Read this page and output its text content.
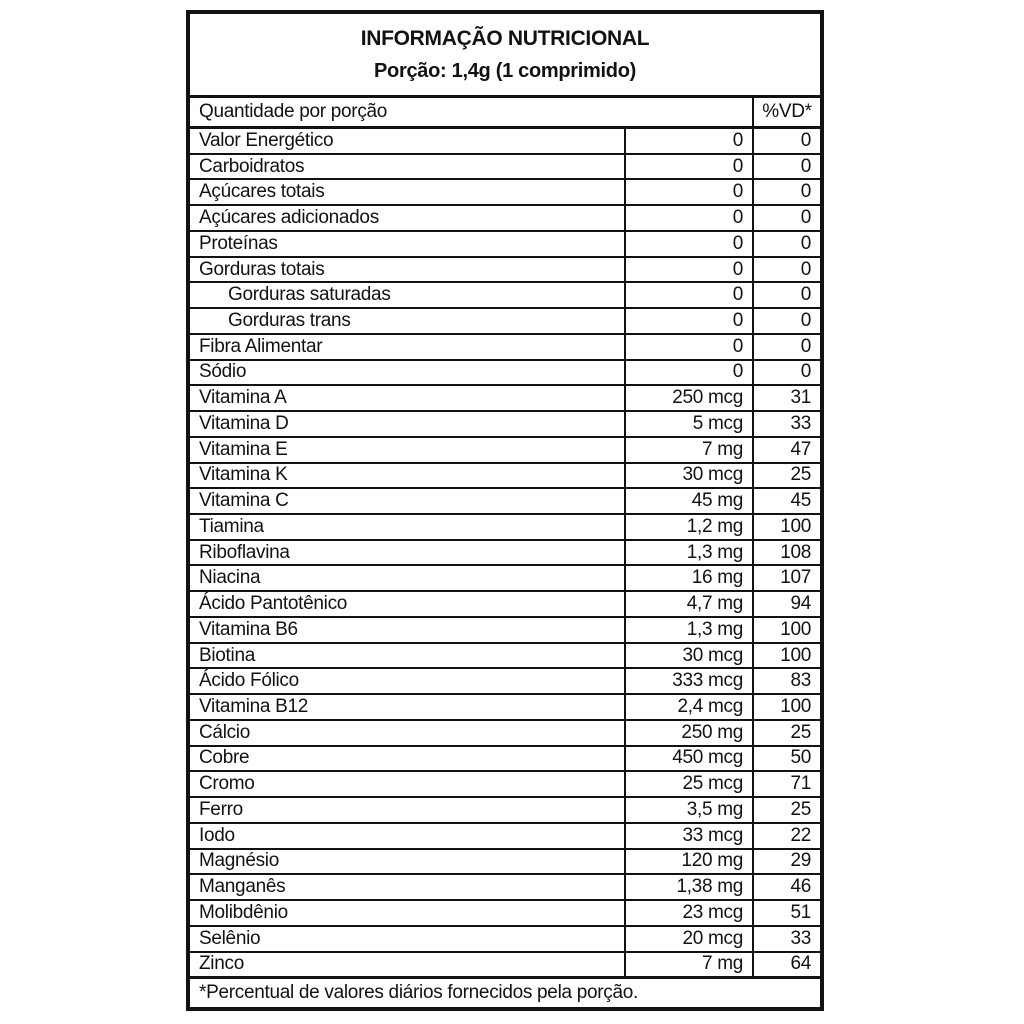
INFORMAÇÃO NUTRICIONAL
Porção: 1,4g (1 comprimido)
Quantidade por porção	%VD*
Valor Energético	0	0
Carboidratos	0	0
Açúcares totais	0	0
Açúcares adicionados	0	0
Proteínas	0	0
Gorduras totais	0	0
Gorduras saturadas	0	0
Gorduras trans	0	0
Fibra Alimentar	0	0
Sódio	0	0
Vitamina A	250 mcg	31
Vitamina D	5 mcg	33
Vitamina E	7 mg	47
Vitamina K	30 mcg	25
Vitamina C	45 mg	45
Tiamina	1,2 mg	100
Riboflavina	1,3 mg	108
Niacina	16 mg	107
Ácido Pantotênico	4,7 mg	94
Vitamina B6	1,3 mg	100
Biotina	30 mcg	100
Ácido Fólico	333 mcg	83
Vitamina B12	2,4 mcg	100
Cálcio	250 mg	25
Cobre	450 mcg	50
Cromo	25 mcg	71
Ferro	3,5 mg	25
Iodo	33 mcg	22
Magnésio	120 mg	29
Manganês	1,38 mg	46
Molibdênio	23 mcg	51
Selênio	20 mcg	33
Zinco	7 mg	64
*Percentual de valores diários fornecidos pela porção.
